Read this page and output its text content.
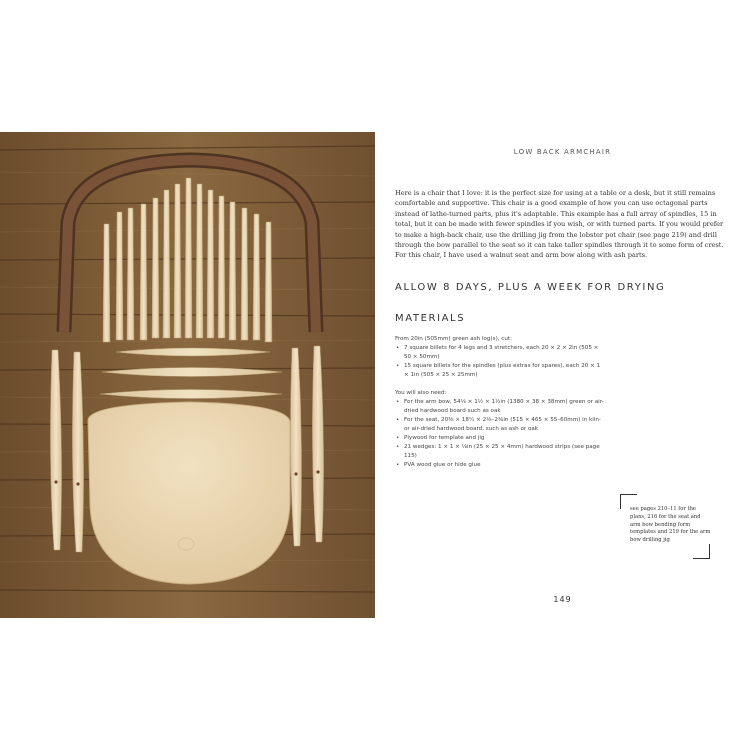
LOW BACK ARMCHAIR

Here is a chair that I love: it is the perfect size for using at a table or a desk, but it still remains comfortable and supportive. This chair is a good example of how you can use octagonal parts instead of lathe-turned parts, plus it's adaptable. This example has a full array of spindles, 15 in total, but it can be made with fewer spindles if you wish, or with turned parts. If you would prefer to make a high-back chair, use the drilling jig from the lobster pot chair (see page 219) and drill through the bow parallel to the seat so it can take taller spindles through it to some form of crest. For this chair, I have used a walnut seat and arm bow along with ash parts.

ALLOW 8 DAYS, PLUS A WEEK FOR DRYING
MATERIALS

From 20in (505mm) green ash log(s), cut:

• 7 square billets for 4 legs and 3 stretchers, each 20 × 2 × 2in (505 × 50 × 50mm)
• 15 square billets for the spindles (plus extras for spares), each 20 × 1 × 1in (505 × 25 × 25mm)

You will also need:

• For the arm bow, 54⅛ × 1½ × 1½in (1380 × 38 × 38mm) green or air-dried hardwood board such as oak
• For the seat, 20⅜ × 18¼ × 2⅛–2⅜in (515 × 465 × 55–60mm) in kiln- or air-dried hardwood board, such as ash or oak
• Plywood for template and jig
• 21 wedges: 1 × 1 × ⅛in (25 × 25 × 4mm) hardwood strips (see page 115)
• PVA wood glue or hide glue

see pages 210–11 for the plans, 216 for the seat and arm bow bending form templates and 219 for the arm bow drilling jig

149
